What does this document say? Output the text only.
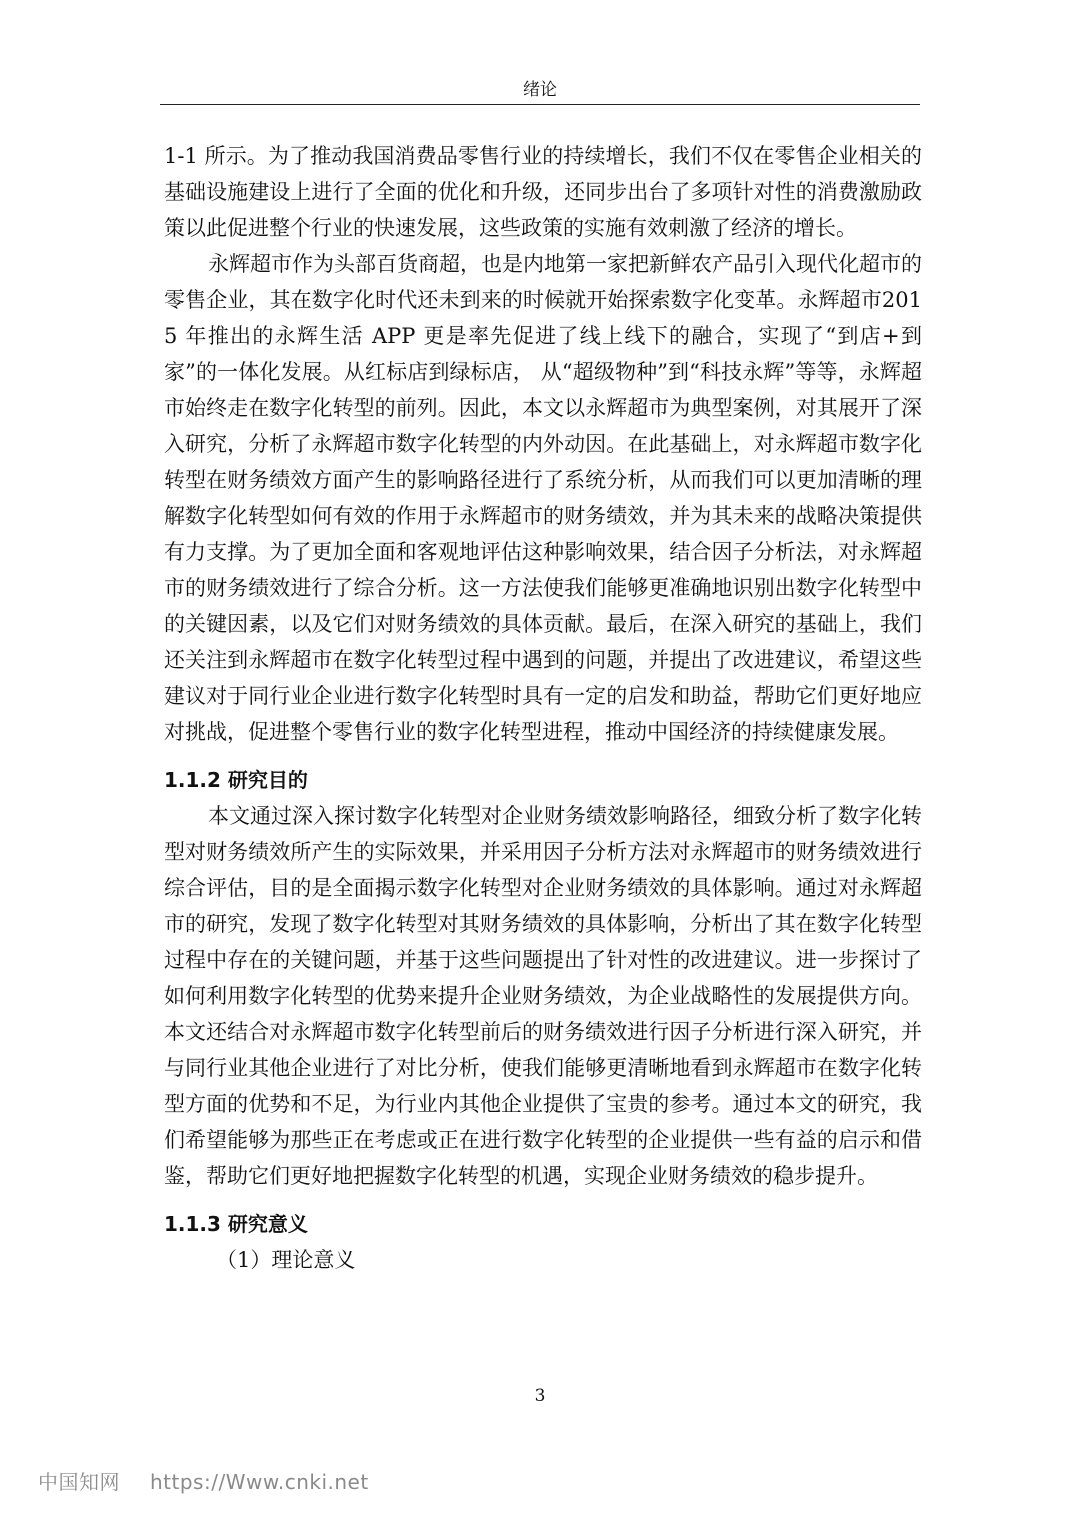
绪论

1-1 所示。为了推动我国消费品零售行业的持续增长，我们不仅在零售企业相关的基础设施建设上进行了全面的优化和升级，还同步出台了多项针对性的消费激励政策以此促进整个行业的快速发展，这些政策的实施有效刺激了经济的增长。

永辉超市作为头部百货商超，也是内地第一家把新鲜农产品引入现代化超市的零售企业，其在数字化时代还未到来的时候就开始探索数字化变革。永辉超市2015 年推出的永辉生活 APP 更是率先促进了线上线下的融合，实现了“到店+到家”的一体化发展。从红标店到绿标店， 从“超级物种”到“科技永辉”等等，永辉超市始终走在数字化转型的前列。因此，本文以永辉超市为典型案例，对其展开了深入研究，分析了永辉超市数字化转型的内外动因。在此基础上，对永辉超市数字化转型在财务绩效方面产生的影响路径进行了系统分析，从而我们可以更加清晰的理解数字化转型如何有效的作用于永辉超市的财务绩效，并为其未来的战略决策提供有力支撑。为了更加全面和客观地评估这种影响效果，结合因子分析法，对永辉超市的财务绩效进行了综合分析。这一方法使我们能够更准确地识别出数字化转型中的关键因素，以及它们对财务绩效的具体贡献。最后，在深入研究的基础上，我们还关注到永辉超市在数字化转型过程中遇到的问题，并提出了改进建议，希望这些建议对于同行业企业进行数字化转型时具有一定的启发和助益，帮助它们更好地应对挑战，促进整个零售行业的数字化转型进程，推动中国经济的持续健康发展。

1.1.2 研究目的

本文通过深入探讨数字化转型对企业财务绩效影响路径，细致分析了数字化转型对财务绩效所产生的实际效果，并采用因子分析方法对永辉超市的财务绩效进行综合评估，目的是全面揭示数字化转型对企业财务绩效的具体影响。通过对永辉超市的研究，发现了数字化转型对其财务绩效的具体影响，分析出了其在数字化转型过程中存在的关键问题，并基于这些问题提出了针对性的改进建议。进一步探讨了如何利用数字化转型的优势来提升企业财务绩效，为企业战略性的发展提供方向。本文还结合对永辉超市数字化转型前后的财务绩效进行因子分析进行深入研究，并与同行业其他企业进行了对比分析，使我们能够更清晰地看到永辉超市在数字化转型方面的优势和不足，为行业内其他企业提供了宝贵的参考。通过本文的研究，我们希望能够为那些正在考虑或正在进行数字化转型的企业提供一些有益的启示和借鉴，帮助它们更好地把握数字化转型的机遇，实现企业财务绩效的稳步提升。

1.1.3 研究意义

（1）理论意义

3
中国知网 https://Www.cnki.net
